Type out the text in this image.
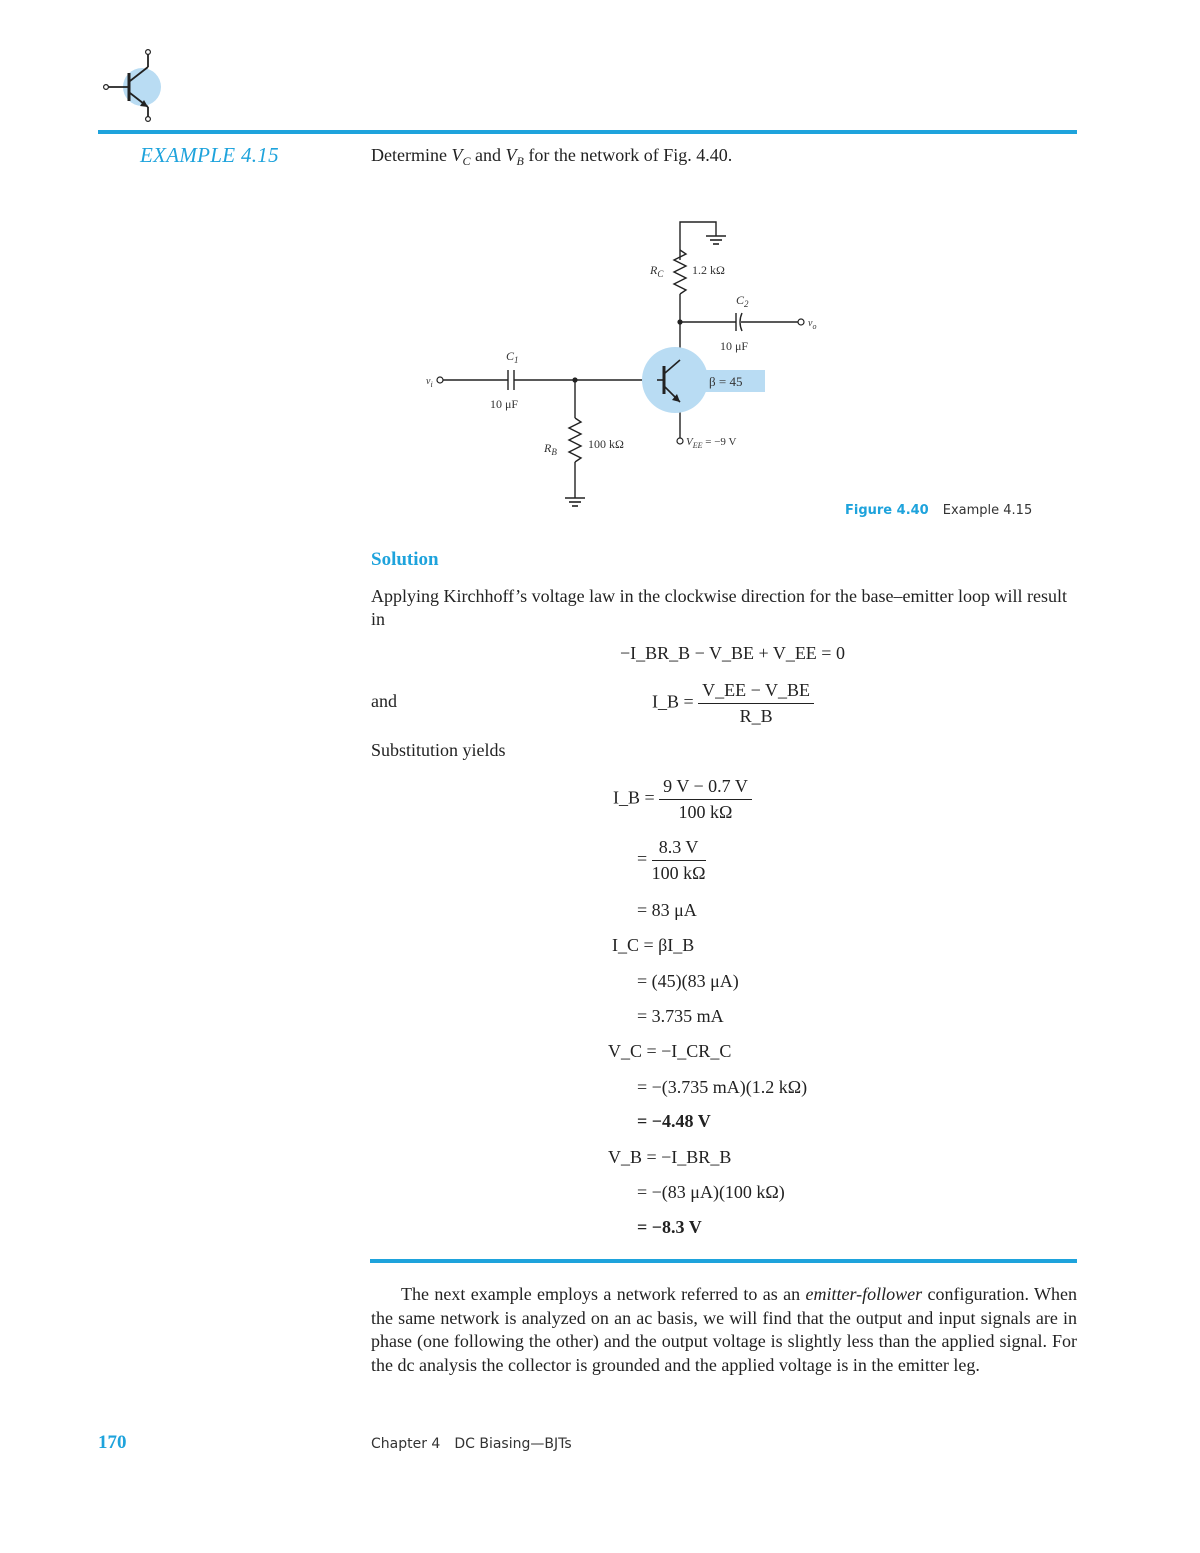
EXAMPLE 4.15	Determine $V_C$ and $V_B$ for the network of Fig. 4.40.
β = 45
$R_C$ 1.2 kΩ
$C_2$
10 μF
$v_o$
$C_1$
10 μF
$v_i$
$R_B$
100 kΩ	$V_{EE} = -9$ V
Figure 4.40 Example 4.15
Solution
Applying Kirchhoff’s voltage law in the clockwise direction for the base–emitter loop will result in
−I_BR_B − V_BE + V_EE = 0
and	I_B = $\frac{V\_EE - V\_BE}{R\_B}$
Substitution yields
I_B = $\frac{9 V - 0.7 V}{100 k\Omega}$
= $\frac{8.3 V}{100 k\Omega}$
= 83 μA
I_C = βI_B
= (45)(83 μA)
= 3.735 mA
V_C = −I_CR_C
= −(3.735 mA)(1.2 kΩ)
= −4.48 V
V_B = −I_BR_B
= −(83 μA)(100 kΩ)
= −8.3 V
The next example employs a network referred to as an emitter-follower configuration. When the same network is analyzed on an ac basis, we will find that the output and input signals are in phase (one following the other) and the output voltage is slightly less than the applied signal. For the dc analysis the collector is grounded and the applied voltage is in the emitter leg.
170	Chapter 4 DC Biasing—BJTs
